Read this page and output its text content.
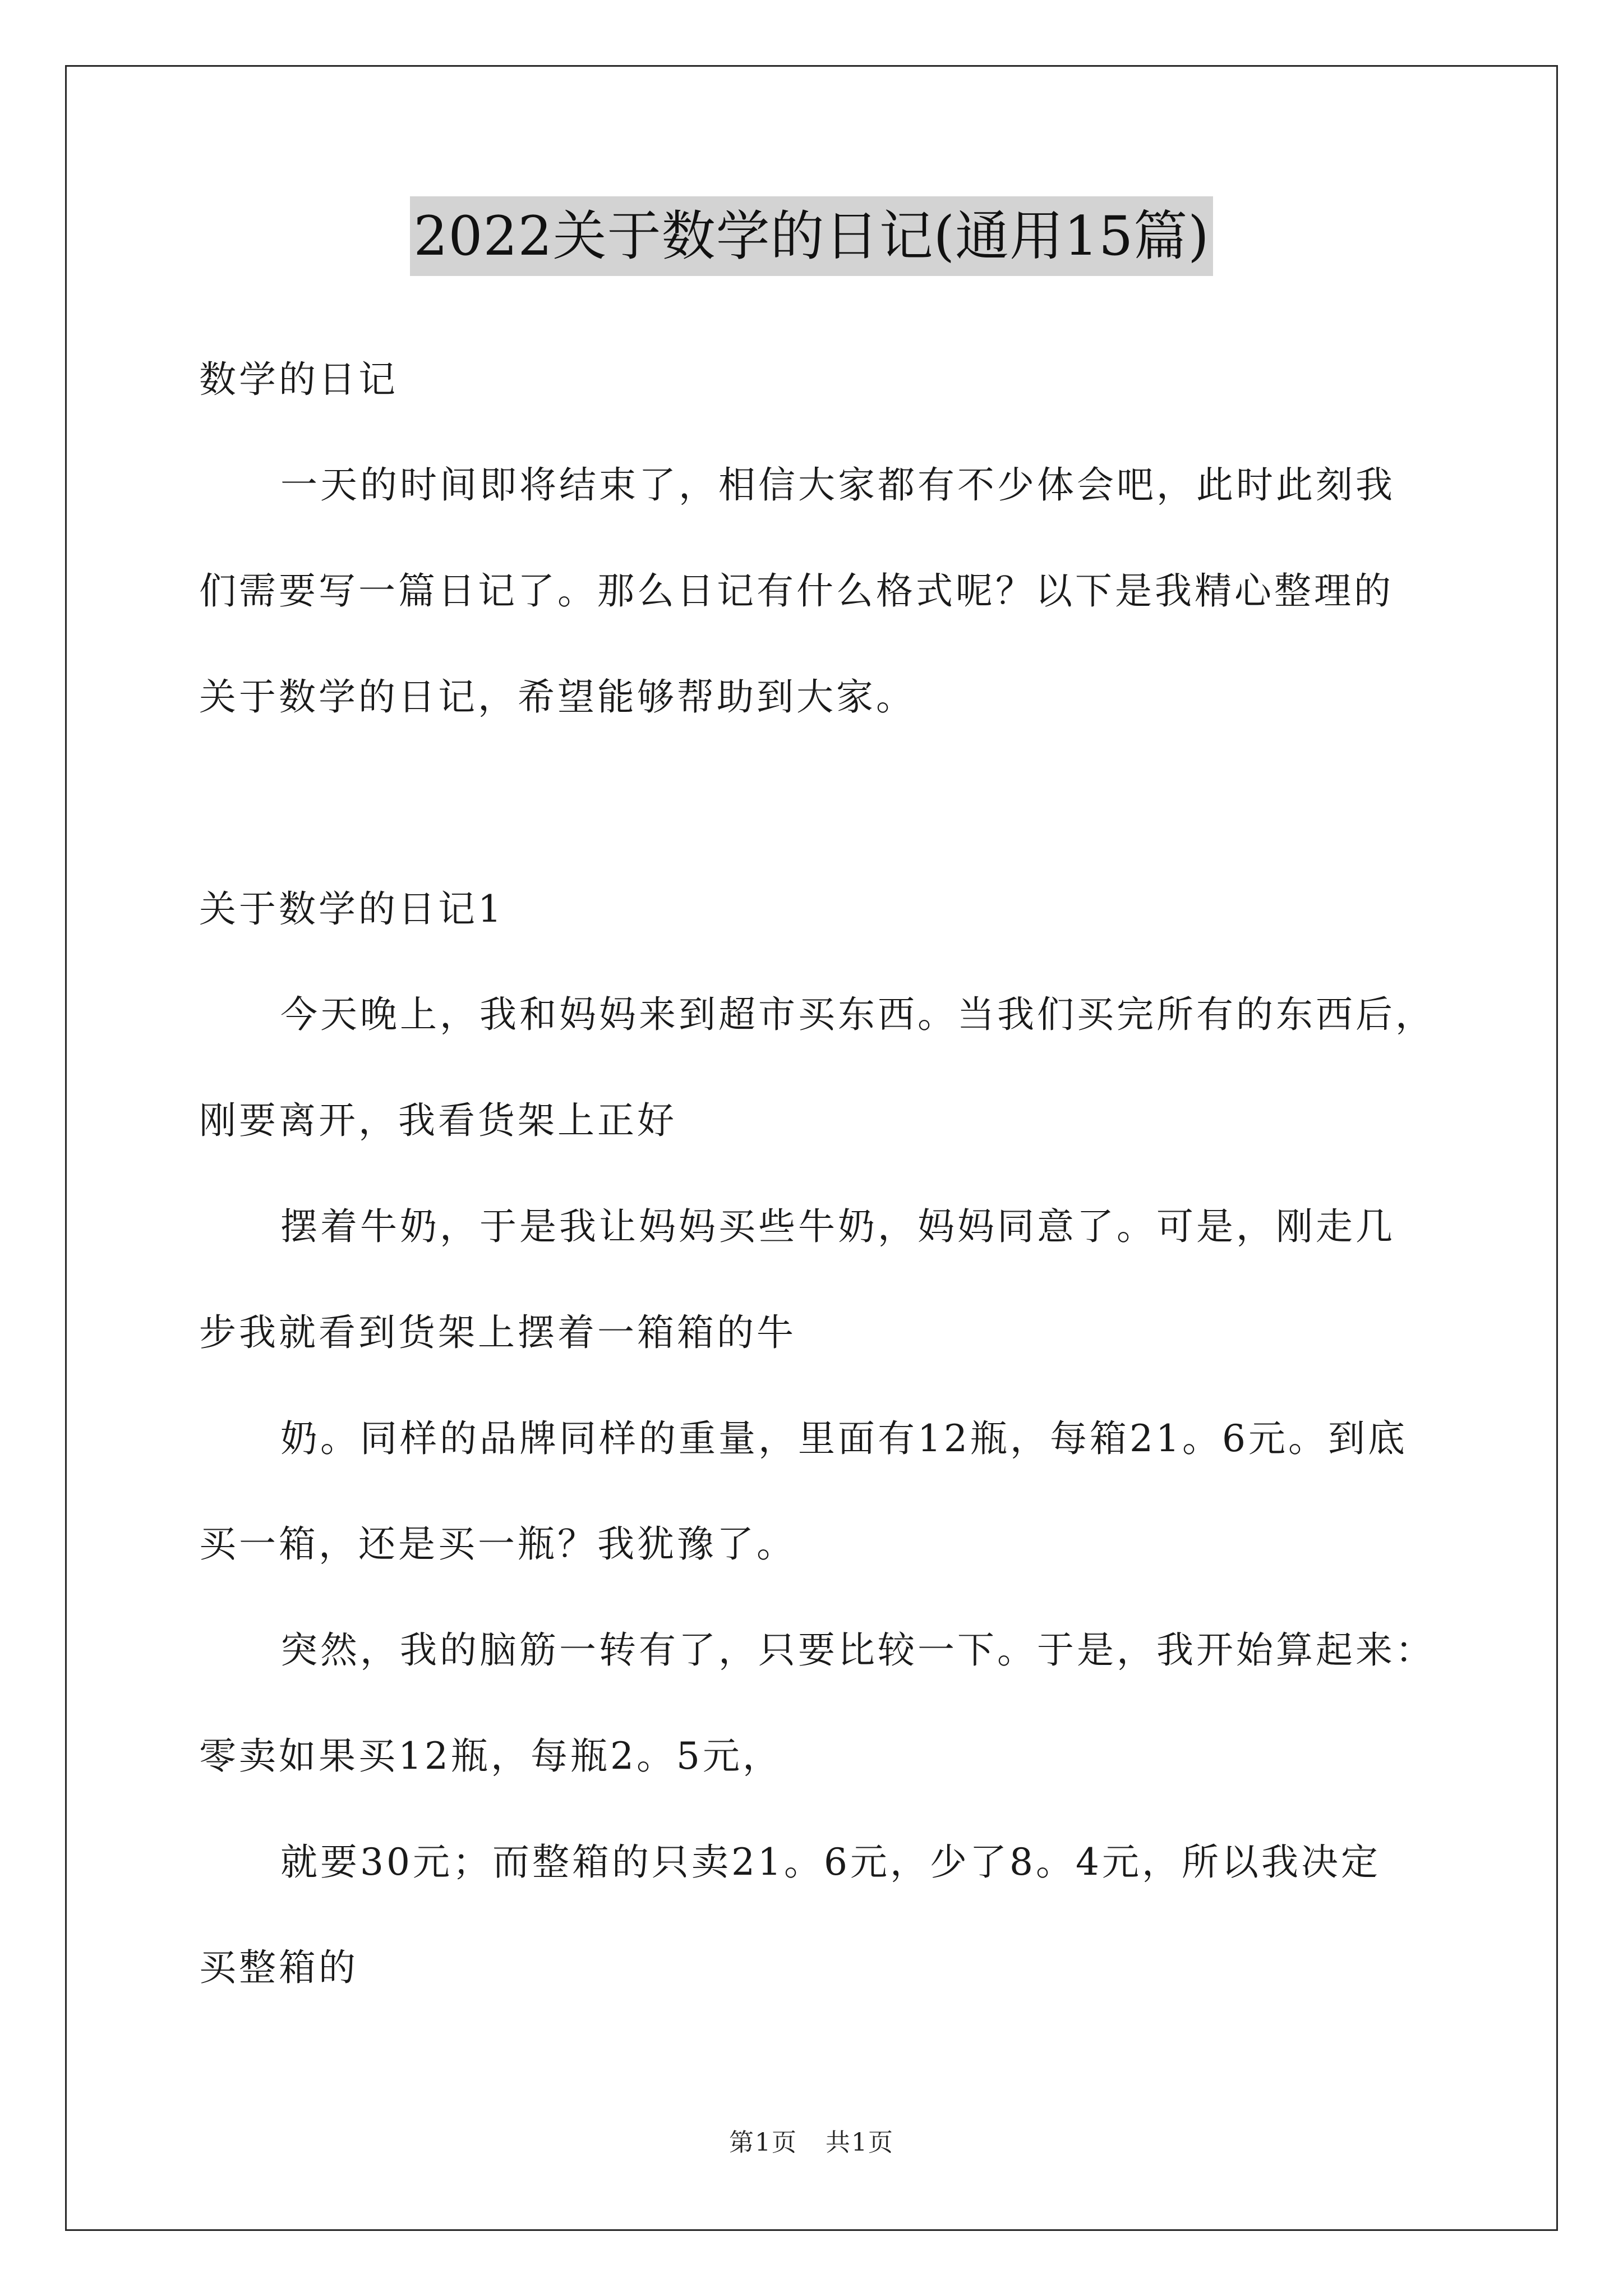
2022关于数学的日记(通用15篇)
数学的日记
一天的时间即将结束了，相信大家都有不少体会吧，此时此刻我
们需要写一篇日记了。那么日记有什么格式呢？以下是我精心整理的
关于数学的日记，希望能够帮助到大家。
关于数学的日记1
今天晚上，我和妈妈来到超市买东西。当我们买完所有的东西后，
刚要离开，我看货架上正好
摆着牛奶，于是我让妈妈买些牛奶，妈妈同意了。可是，刚走几
步我就看到货架上摆着一箱箱的牛
奶。同样的品牌同样的重量，里面有12瓶，每箱21。6元。到底
买一箱，还是买一瓶？我犹豫了。
突然，我的脑筋一转有了，只要比较一下。于是，我开始算起来：
零卖如果买12瓶，每瓶2。5元，
就要30元；而整箱的只卖21。6元，少了8。4元，所以我决定
买整箱的
第1页 共1页
